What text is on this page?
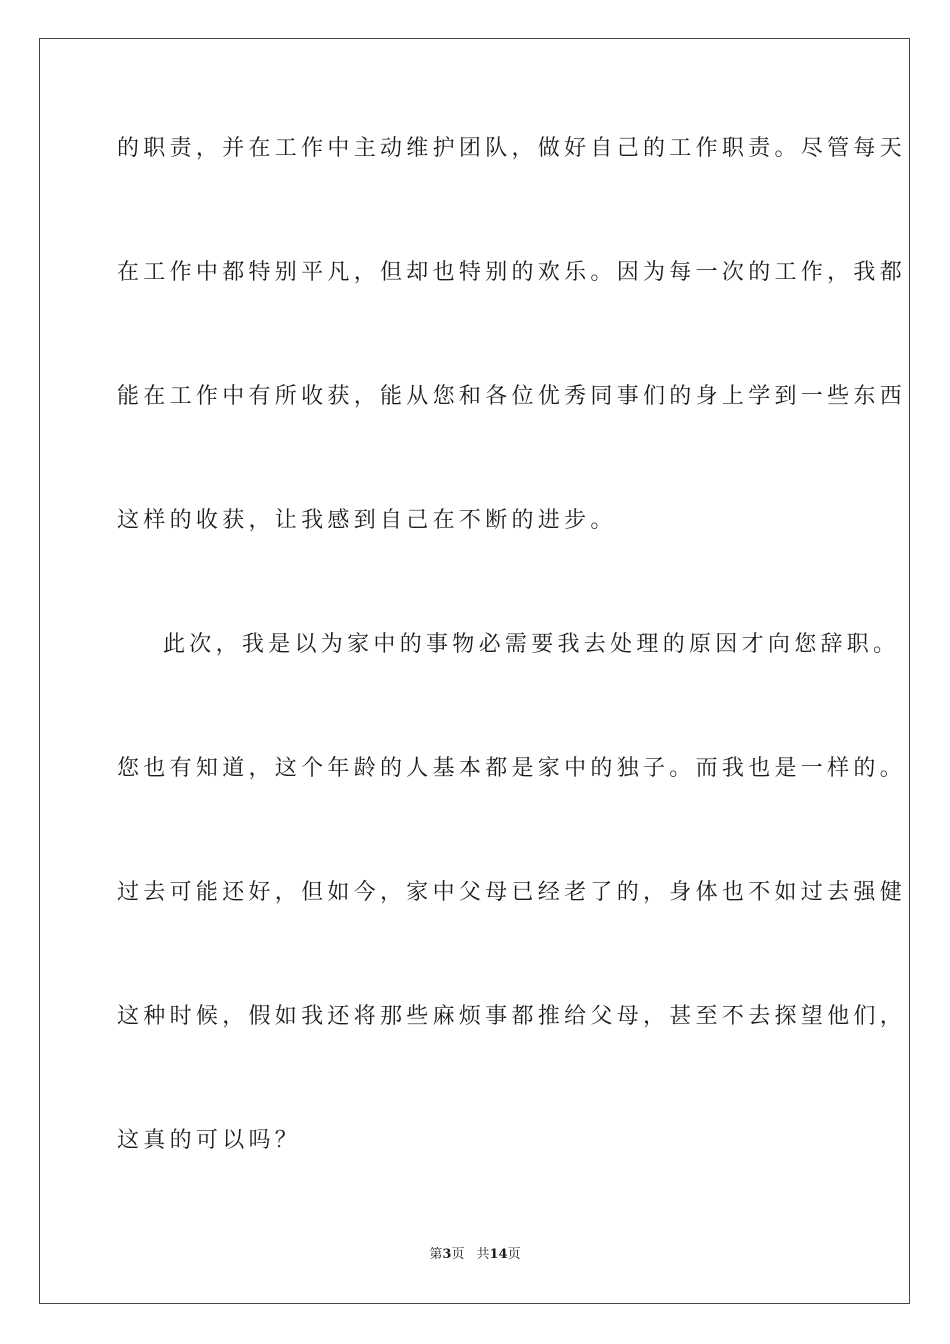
的职责，并在工作中主动维护团队，做好自己的工作职责。尽管每天
在工作中都特别平凡，但却也特别的欢乐。因为每一次的工作，我都
能在工作中有所收获，能从您和各位优秀同事们的身上学到一些东西
这样的收获，让我感到自己在不断的进步。
此次，我是以为家中的事物必需要我去处理的原因才向您辞职。
您也有知道，这个年龄的人基本都是家中的独子。而我也是一样的。
过去可能还好，但如今，家中父母已经老了的，身体也不如过去强健
这种时候，假如我还将那些麻烦事都推给父母，甚至不去探望他们，
这真的可以吗？
第3页 共14页
